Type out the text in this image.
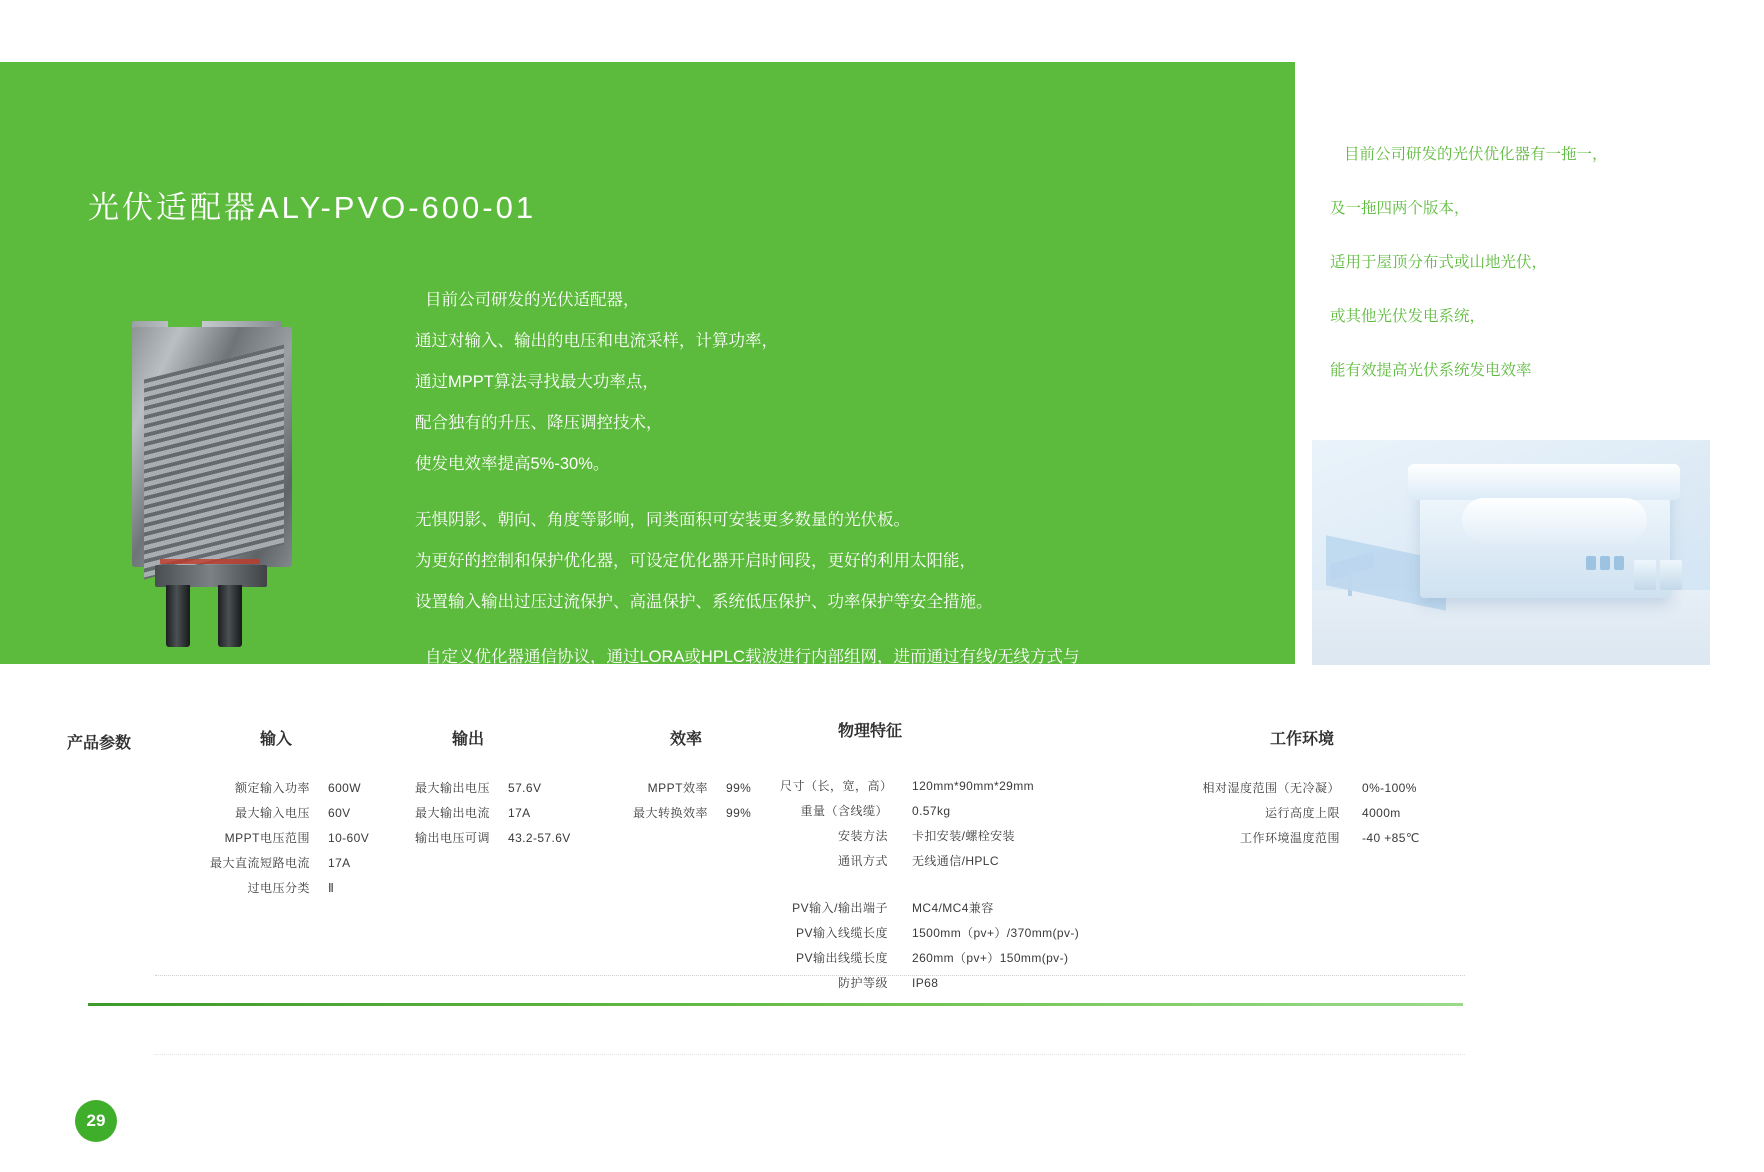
光伏适配器ALY-PVO-600-01

目前公司研发的光伏适配器，

通过对输入、输出的电压和电流采样，计算功率，

通过MPPT算法寻找最大功率点，

配合独有的升压、降压调控技术，

使发电效率提高5%-30%。

无惧阴影、朝向、角度等影响，同类面积可安装更多数量的光伏板。

为更好的控制和保护优化器，可设定优化器开启时间段，更好的利用太阳能，

设置输入输出过压过流保护、高温保护、系统低压保护、功率保护等安全措施。

自定义优化器通信协议，通过LORA或HPLC载波进行内部组网，进而通过有线/无线方式与

外界进行通讯，实现远程实时获取优化器状态并设置优化器参数。

目前公司研发的光伏优化器有一拖一，

及一拖四两个版本，

适用于屋顶分布式或山地光伏，

或其他光伏发电系统，

能有效提高光伏系统发电效率

产品参数	输入
额定输入功率 600W
最大输入电压 60V
MPPT电压范围 10-60V
最大直流短路电流 17A
过电压分类 Ⅱ
输出
最大输出电压 57.6V
最大输出电流 17A
输出电压可调 43.2-57.6V
效率
MPPT效率 99%
最大转换效率 99%
物理特征
尺寸（长，宽，高） 120mm*90mm*29mm
重量（含线缆） 0.57kg
安装方法 卡扣安装/螺栓安装
通讯方式 无线通信/HPLC
PV输入/输出端子 MC4/MC4兼容
PV输入线缆长度 1500mm（pv+）/370mm(pv-)
PV输出线缆长度 260mm（pv+）150mm(pv-)
防护等级 IP68
工作环境
相对湿度范围（无冷凝） 0%-100%
运行高度上限 4000m
工作环境温度范围 -40 +85℃
29
